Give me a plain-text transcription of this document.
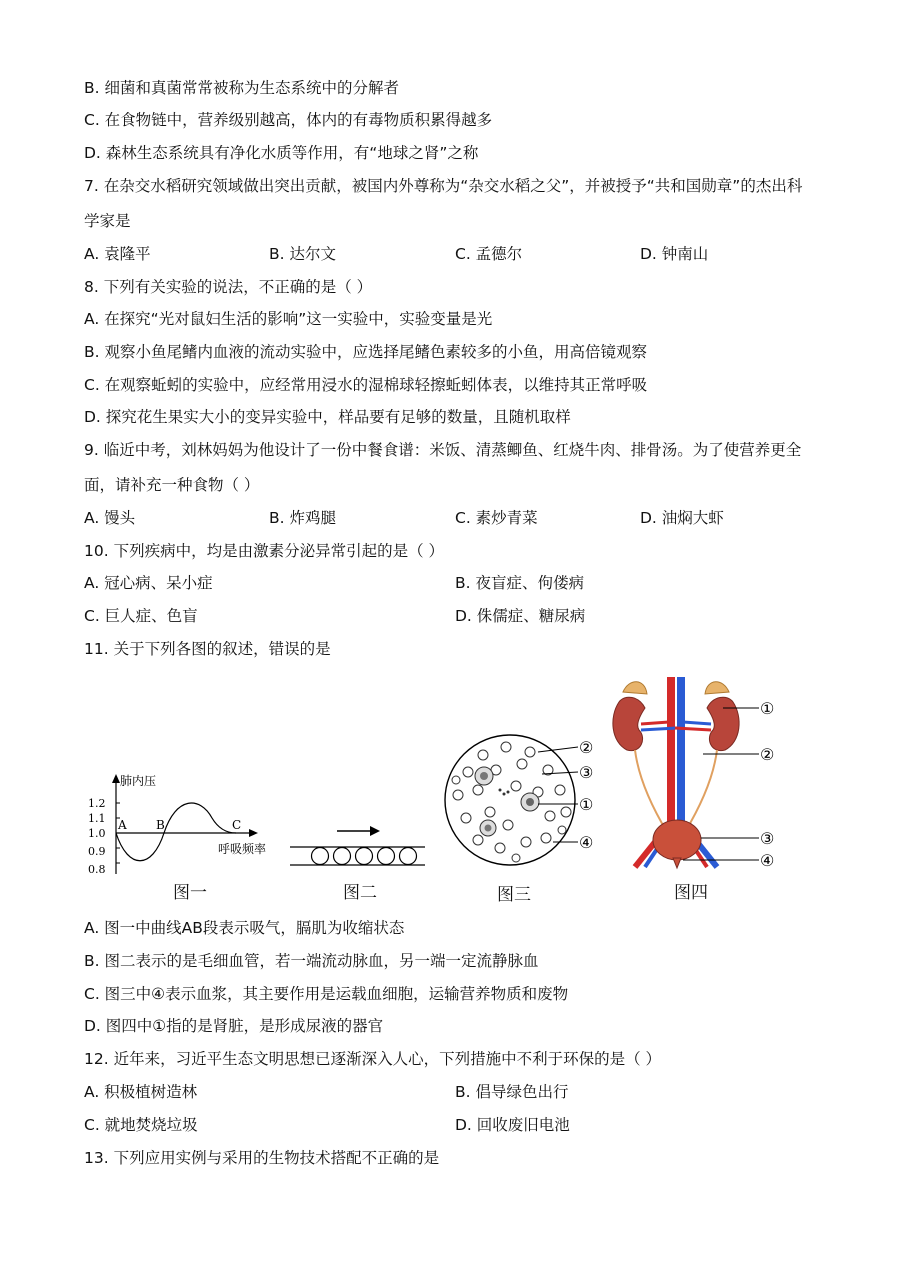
B. 细菌和真菌常常被称为生态系统中的分解者
C. 在食物链中，营养级别越高，体内的有毒物质积累得越多
D. 森林生态系统具有净化水质等作用，有“地球之肾”之称
7. 在杂交水稻研究领域做出突出贡献，被国内外尊称为“杂交水稻之父”，并被授予“共和国勋章”的杰出科
学家是
A. 袁隆平	B. 达尔文	C. 孟德尔	D. 钟南山
8. 下列有关实验的说法，不正确的是（ ）
A. 在探究“光对鼠妇生活的影响”这一实验中，实验变量是光
B. 观察小鱼尾鳍内血液的流动实验中，应选择尾鳍色素较多的小鱼，用高倍镜观察
C. 在观察蚯蚓的实验中，应经常用浸水的湿棉球轻擦蚯蚓体表，以维持其正常呼吸
D. 探究花生果实大小的变异实验中，样品要有足够的数量，且随机取样
9. 临近中考，刘林妈妈为他设计了一份中餐食谱：米饭、清蒸鲫鱼、红烧牛肉、排骨汤。为了使营养更全
面，请补充一种食物（ ）
A. 馒头	B. 炸鸡腿	C. 素炒青菜	D. 油焖大虾
10. 下列疾病中，均是由激素分泌异常引起的是（ ）
A. 冠心病、呆小症	B. 夜盲症、佝偻病
C. 巨人症、色盲	D. 侏儒症、糖尿病
11. 关于下列各图的叙述，错误的是
肺内压
1.2
1.1
1.0
0.9
0.8
A B	C
呼吸频率
图一	图二
②
③
①
④
图三
①
②
③
④
图四
A. 图一中曲线AB段表示吸气，膈肌为收缩状态
B. 图二表示的是毛细血管，若一端流动脉血，另一端一定流静脉血
C. 图三中④表示血浆，其主要作用是运载血细胞，运输营养物质和废物
D. 图四中①指的是肾脏，是形成尿液的器官
12. 近年来，习近平生态文明思想已逐渐深入人心，下列措施中不利于环保的是（ ）
A. 积极植树造林	B. 倡导绿色出行
C. 就地焚烧垃圾	D. 回收废旧电池
13. 下列应用实例与采用的生物技术搭配不正确的是
